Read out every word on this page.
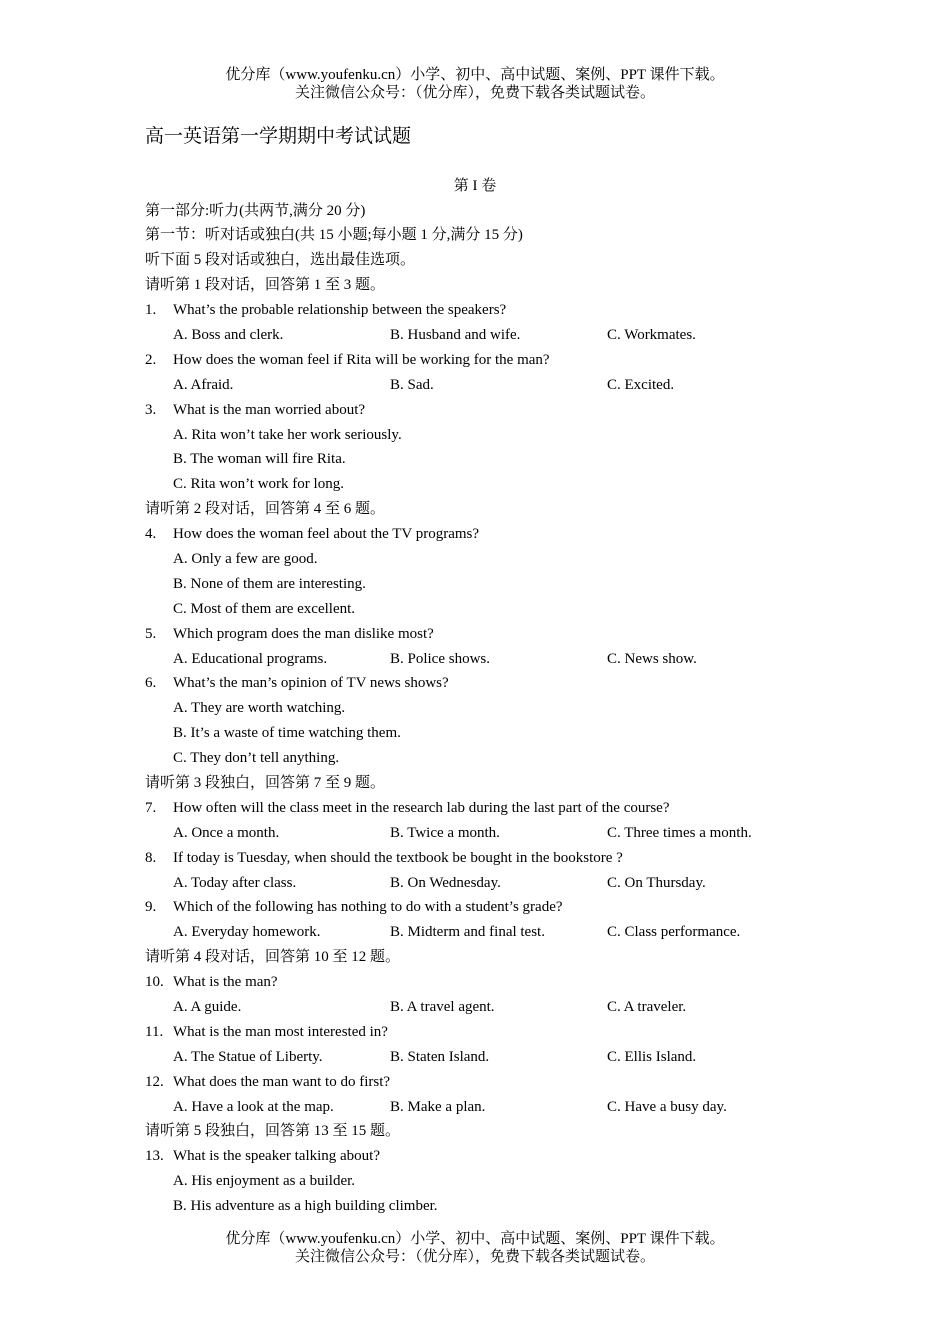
优分库（www.youfenku.cn）小学、初中、高中试题、案例、PPT 课件下载。
关注微信公众号：（优分库），免费下载各类试题试卷。
高一英语第一学期期中考试试题
第 I 卷
第一部分:听力(共两节,满分 20 分)
第一节：听对话或独白(共 15 小题;每小题 1 分,满分 15 分)
听下面 5 段对话或独白，选出最佳选项。
请听第 1 段对话，回答第 1 至 3 题。
1. What’s the probable relationship between the speakers?
A. Boss and clerk.	B. Husband and wife.	C. Workmates.
2. How does the woman feel if Rita will be working for the man?
A. Afraid.	B. Sad.	C. Excited.
3. What is the man worried about?
A. Rita won’t take her work seriously.
B. The woman will fire Rita.
C. Rita won’t work for long.
请听第 2 段对话，回答第 4 至 6 题。
4. How does the woman feel about the TV programs?
A. Only a few are good.
B. None of them are interesting.
C. Most of them are excellent.
5. Which program does the man dislike most?
A. Educational programs.	B. Police shows.	C. News show.
6. What’s the man’s opinion of TV news shows?
A. They are worth watching.
B. It’s a waste of time watching them.
C. They don’t tell anything.
请听第 3 段独白，回答第 7 至 9 题。
7. How often will the class meet in the research lab during the last part of the course?
A. Once a month.	B. Twice a month.	C. Three times a month.
8. If today is Tuesday, when should the textbook be bought in the bookstore ?
A. Today after class.	B. On Wednesday.	C. On Thursday.
9. Which of the following has nothing to do with a student’s grade?
A. Everyday homework.	B. Midterm and final test.	C. Class performance.
请听第 4 段对话，回答第 10 至 12 题。
10. What is the man?
A. A guide.	B. A travel agent.	C. A traveler.
11. What is the man most interested in?
A. The Statue of Liberty.	B. Staten Island.	C. Ellis Island.
12. What does the man want to do first?
A. Have a look at the map.	B. Make a plan.	C. Have a busy day.
请听第 5 段独白，回答第 13 至 15 题。
13. What is the speaker talking about?
A. His enjoyment as a builder.
B. His adventure as a high building climber.
优分库（www.youfenku.cn）小学、初中、高中试题、案例、PPT 课件下载。
关注微信公众号：（优分库），免费下载各类试题试卷。
